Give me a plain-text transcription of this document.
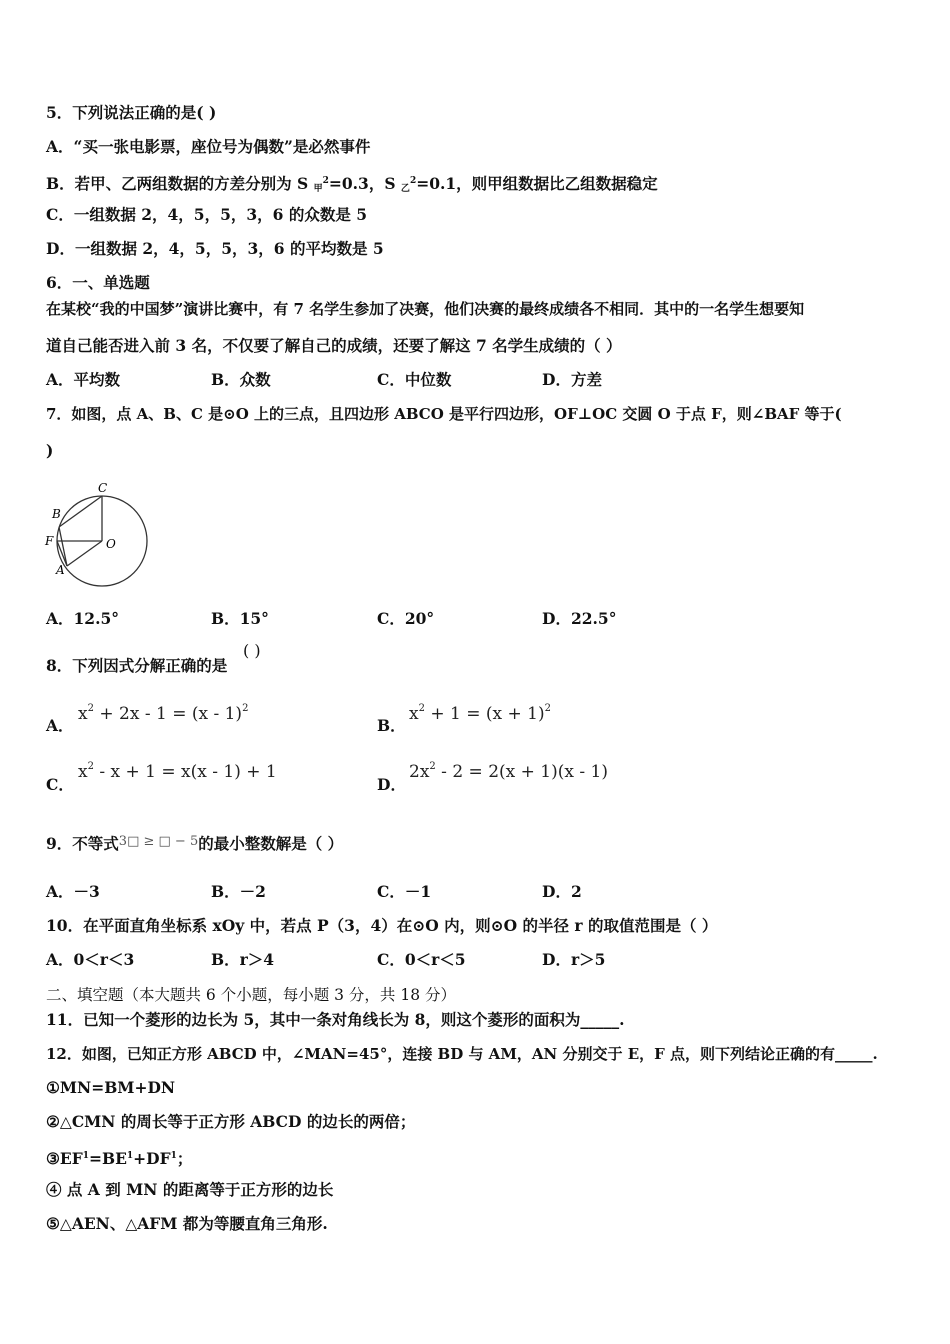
5．下列说法正确的是( )
A．“买一张电影票，座位号为偶数”是必然事件
B．若甲、乙两组数据的方差分别为 S $_甲^2$=0.3，S $_乙^2$=0.1，则甲组数据比乙组数据稳定
C．一组数据 2，4，5，5，3，6 的众数是 5
D．一组数据 2，4，5，5，3，6 的平均数是 5
6．一、单选题
在某校“我的中国梦”演讲比赛中，有 7 名学生参加了决赛，他们决赛的最终成绩各不相同．其中的一名学生想要知
道自己能否进入前 3 名，不仅要了解自己的成绩，还要了解这 7 名学生成绩的（ ）
A．平均数	B．众数	C．中位数	D．方差
7．如图，点 A、B、C 是⊙O 上的三点，且四边形 ABCO 是平行四边形，OF⊥OC 交圆 O 于点 F，则∠BAF 等于(
)
C
B
F	O
A
A．12.5°	B．15°	C．20°	D．22.5°
8．下列因式分解正确的是
( )
A．
$x^2 + 2x - 1 = (x - 1)^2$
B．
$x^2 + 1 = (x + 1)^2$
C．
$x^2 - x + 1 = x(x - 1) + 1$
D．
$2x^2 - 2 = 2(x + 1)(x - 1)$
9．不等式$^{3□ \ge □ - 5}$的最小整数解是（ ）
A．－3	B．－2	C．－1	D．2
10．在平面直角坐标系 xOy 中，若点 P（3，4）在⊙O 内，则⊙O 的半径 r 的取值范围是（ ）
A．0＜r＜3	B．r＞4	C．0＜r＜5	D．r＞5
二、填空题（本大题共 6 个小题，每小题 3 分，共 18 分）
11．已知一个菱形的边长为 5，其中一条对角线长为 8，则这个菱形的面积为_____.
12．如图，已知正方形 ABCD 中，∠MAN=45°，连接 BD 与 AM，AN 分别交于 E，F 点，则下列结论正确的有_____.
①MN=BM+DN
②△CMN 的周长等于正方形 ABCD 的边长的两倍；
$③EF^1=BE^1+DF^1$；
④ 点 A 到 MN 的距离等于正方形的边长
⑤△AEN、△AFM 都为等腰直角三角形.
